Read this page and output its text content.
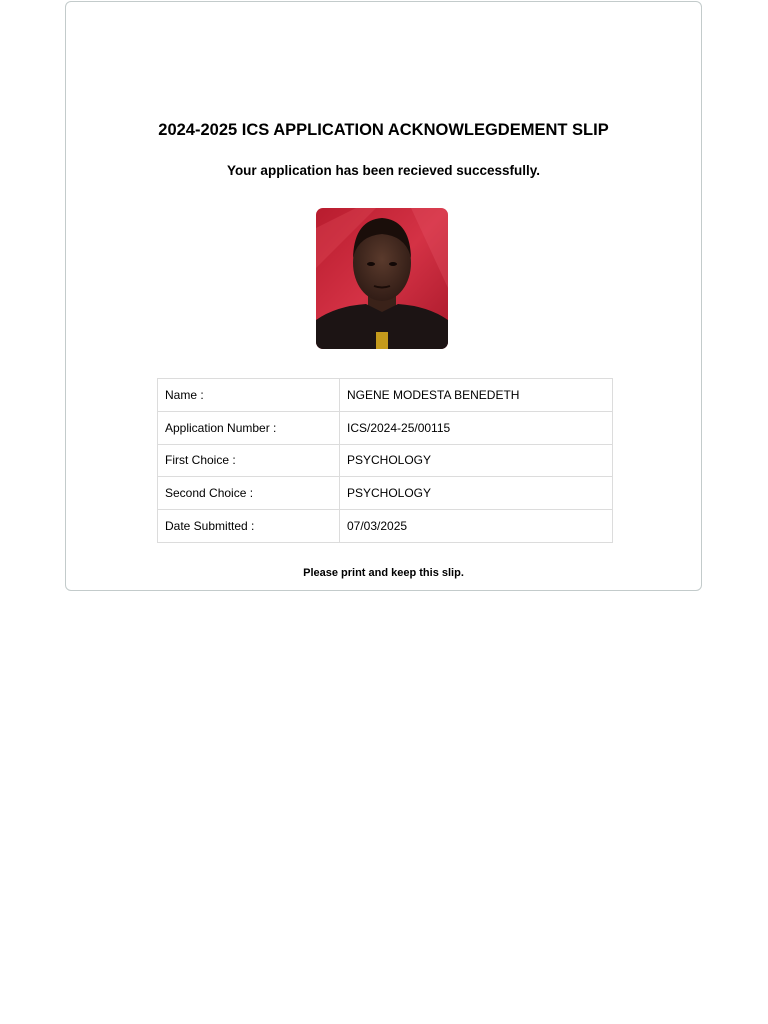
2024-2025 ICS APPLICATION ACKNOWLEGDEMENT SLIP

Your application has been recieved successfully.

Name :	NGENE MODESTA BENEDETH
Application Number :	ICS/2024-25/00115
First Choice :	PSYCHOLOGY
Second Choice :	PSYCHOLOGY
Date Submitted :	07/03/2025

Please print and keep this slip.
